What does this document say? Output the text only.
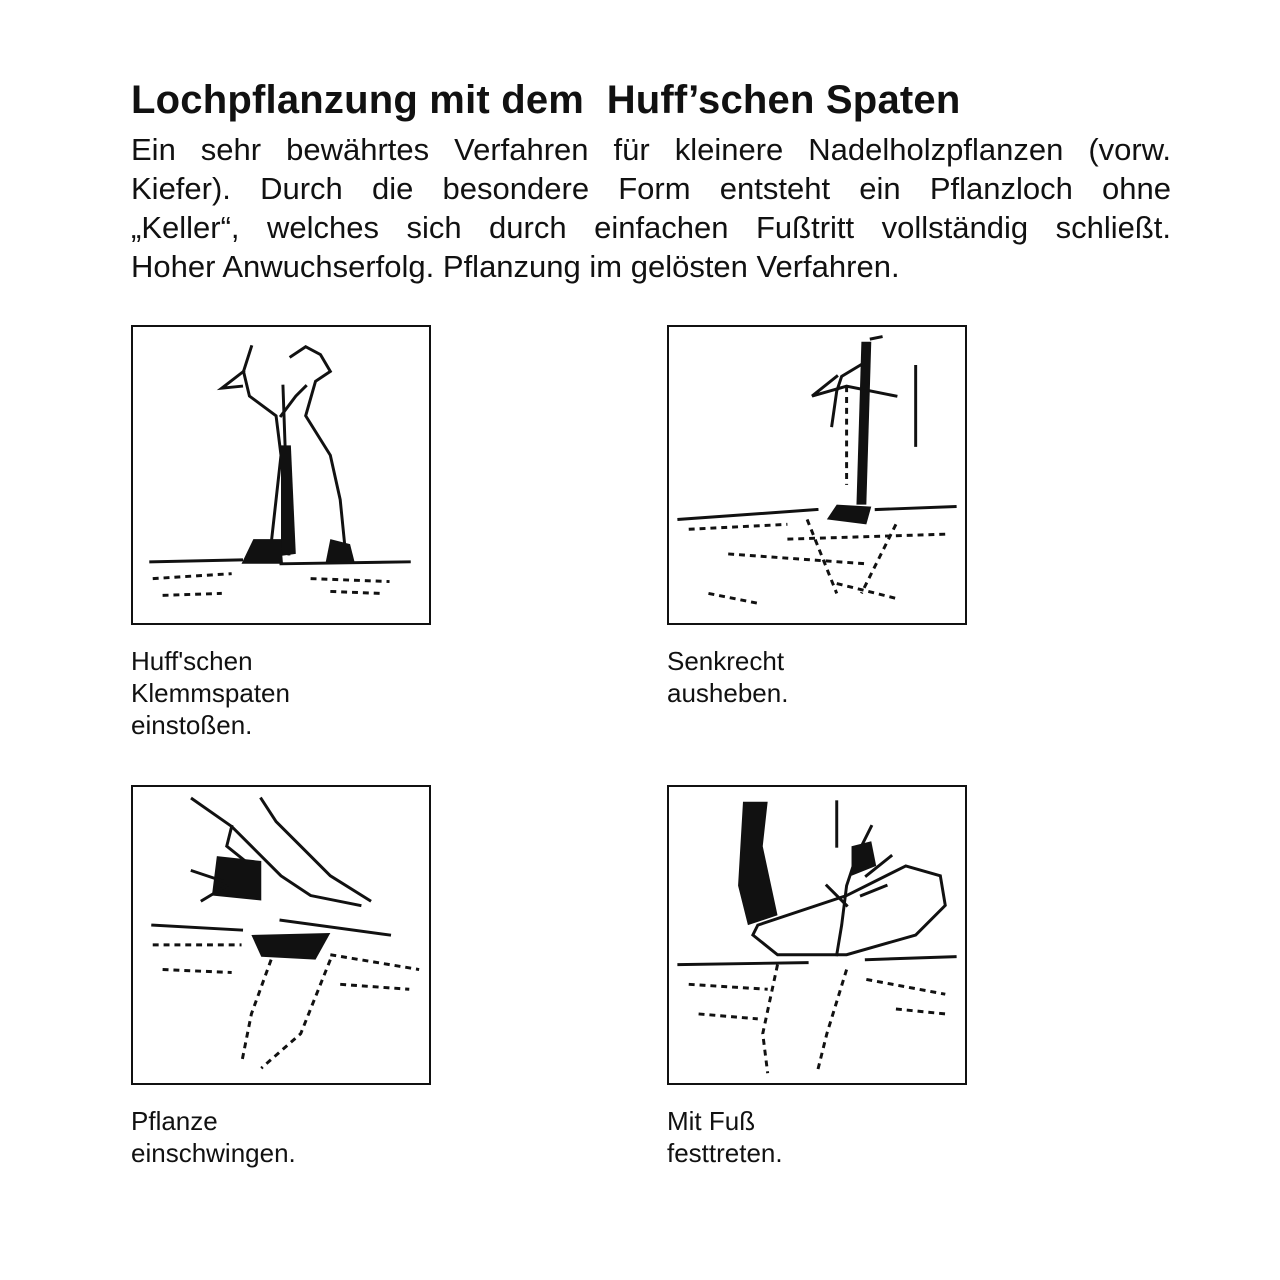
Lochpflanzung mit dem  Huff’schen Spaten
Ein sehr bewährtes Verfahren für kleinere Nadelholzpflanzen (vorw.
Kiefer). Durch die besondere Form entsteht ein Pflanzloch ohne
„Keller“, welches sich durch einfachen Fußtritt vollständig schließt.
Hoher Anwuchserfolg. Pflanzung im gelösten Verfahren.
Huff'schen
Klemmspaten
einstoßen.
Senkrecht
ausheben.
Pflanze
einschwingen.
Mit Fuß
festtreten.
